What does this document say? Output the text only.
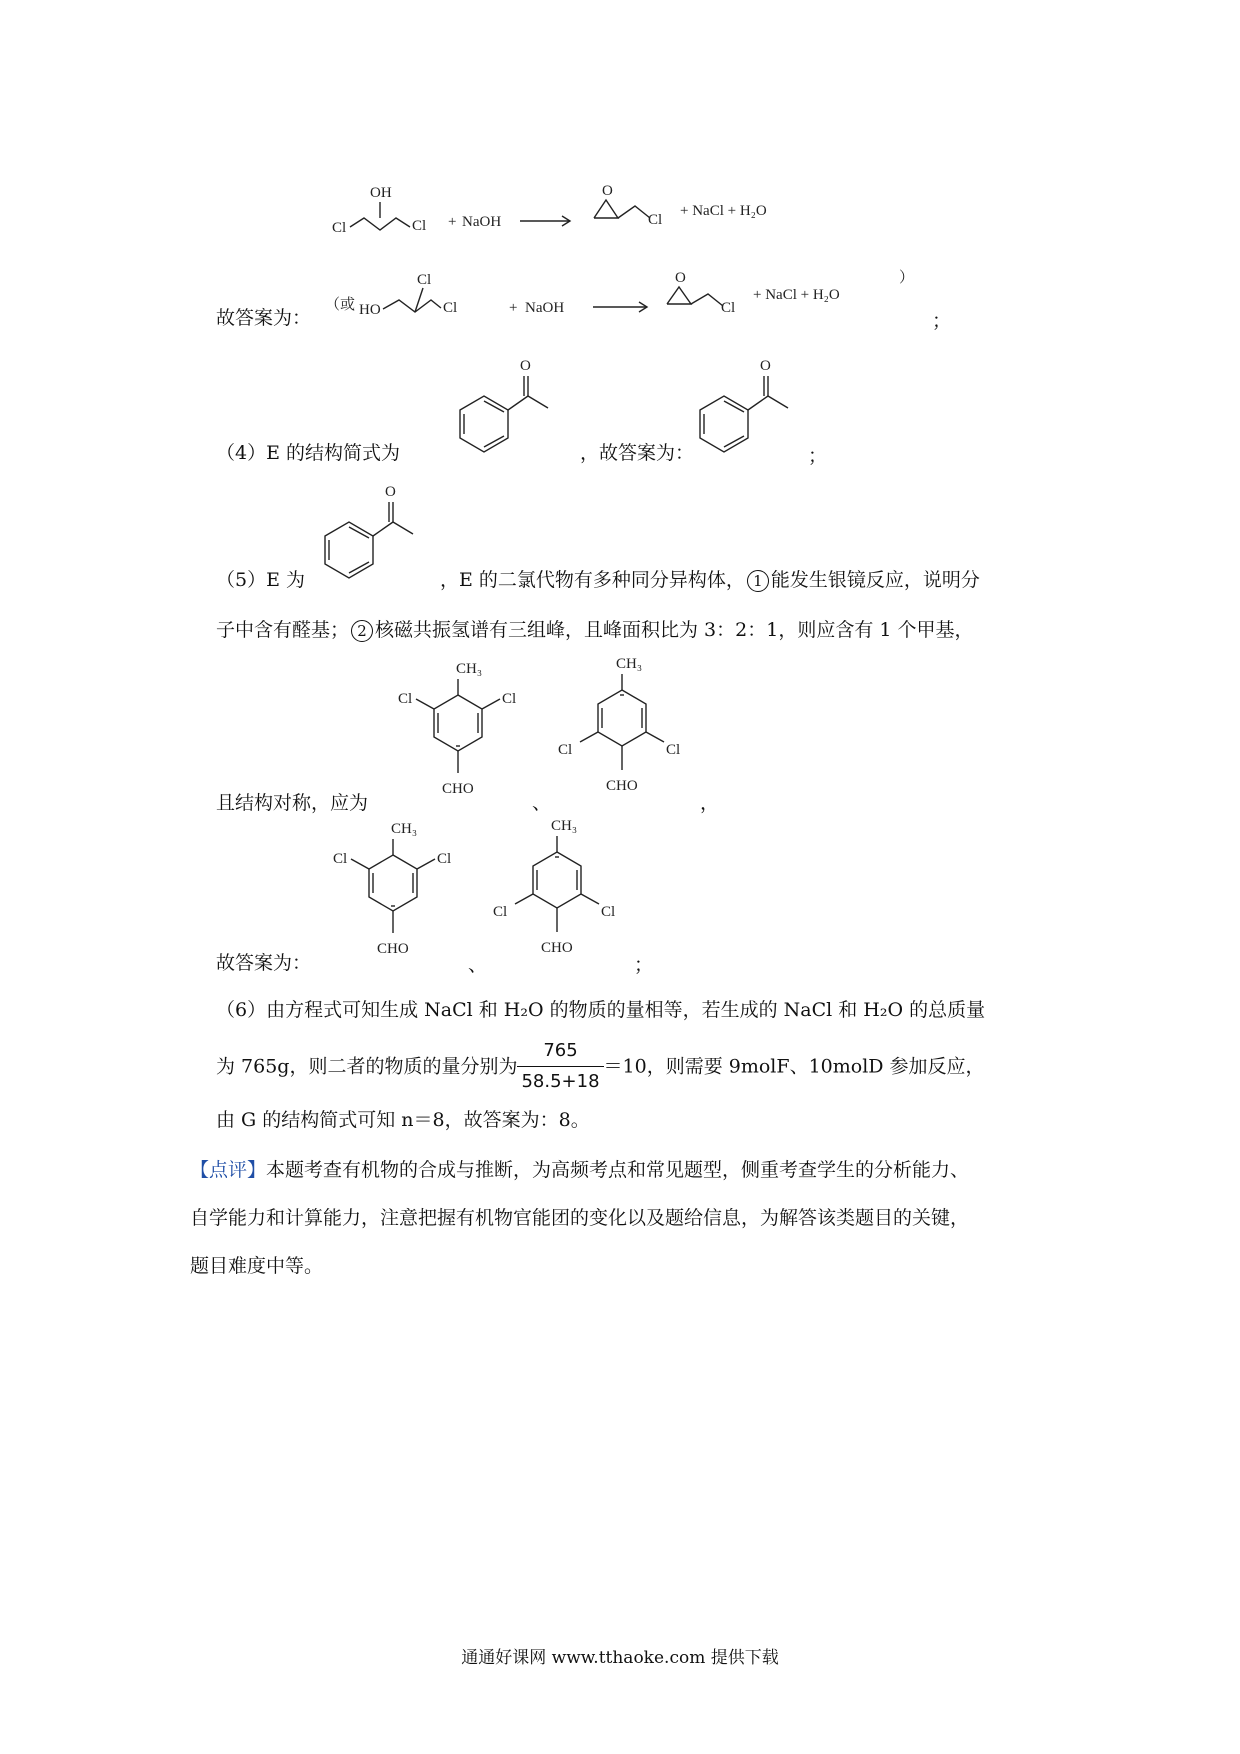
OH
Cl	Cl + NaOH
O
Cl
+ NaCl + H₂O
故答案为：
（或 HO
Cl
Cl	+ NaOH
O
Cl
+ NaCl + H₂O
）
；
（4）E 的结构简式为
O
，故答案为：
O
；
（5）E 为
O
，E 的二氯代物有多种同分异构体， 1 能发生银镜反应，说明分
子中含有醛基； 2 核磁共振氢谱有三组峰，且峰面积比为 3：2：1，则应含有 1 个甲基，
且结构对称，应为
CH₃
Cl	Cl
CHO
、
CH₃
Cl	Cl
CHO
，
故答案为：
CH₃
Cl	Cl
CHO
、
CH₃
Cl	Cl
CHO
；
（6）由方程式可知生成 NaCl 和 H₂O 的物质的量相等，若生成的 NaCl 和 H₂O 的总质量
为 765g，则二者的物质的量分别为 $\frac{765}{58.5+18} =10$，则需要 9molF、10molD 参加反应，
由 G 的结构简式可知 n＝8，故答案为：8。
【点评】本题考查有机物的合成与推断，为高频考点和常见题型，侧重考查学生的分析能力、
自学能力和计算能力，注意把握有机物官能团的变化以及题给信息，为解答该类题目的关键，
题目难度中等。
通通好课网 www.tthaoke.com 提供下载
